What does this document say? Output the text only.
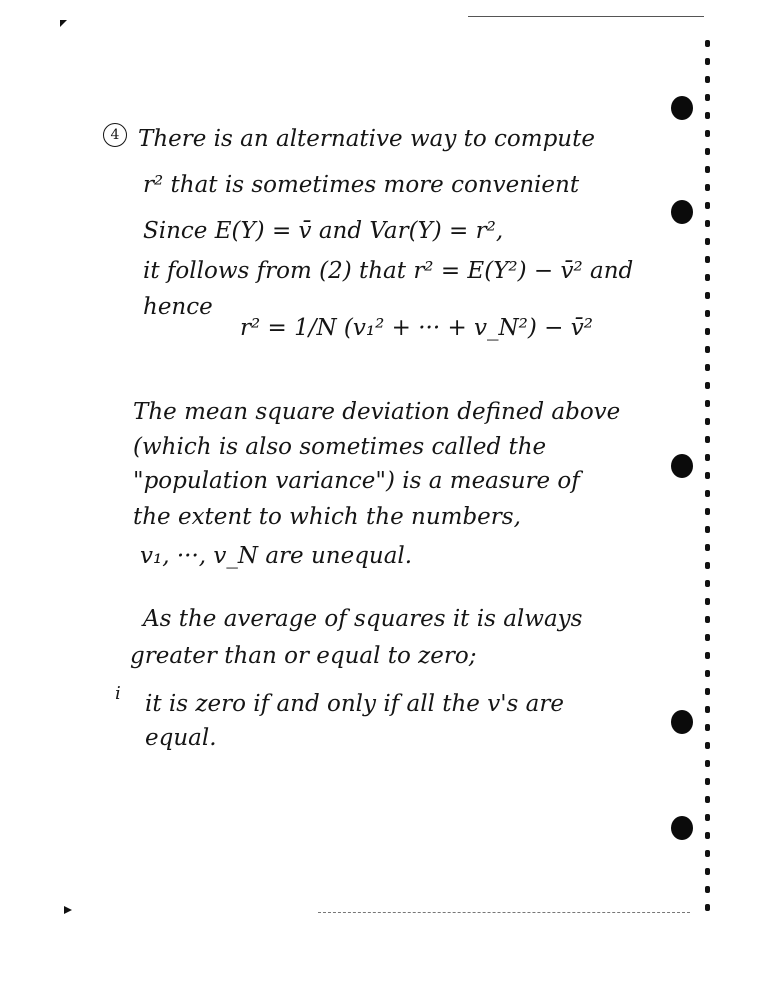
4 There is an alternative way to compute
r² that is sometimes more convenient
Since E(Y) = v̄ and Var(Y) = r²,
it follows from (2) that r² = E(Y²) − v̄² and
hence
r² = 1/N (v₁² + ··· + v_N²) − v̄²
The mean square deviation defined above
(which is also sometimes called the
"population variance") is a measure of
the extent to which the numbers,
v₁, ···, v_N are unequal.
As the average of squares it is always
greater than or equal to zero;
i it is zero if and only if all the v's are
equal.
